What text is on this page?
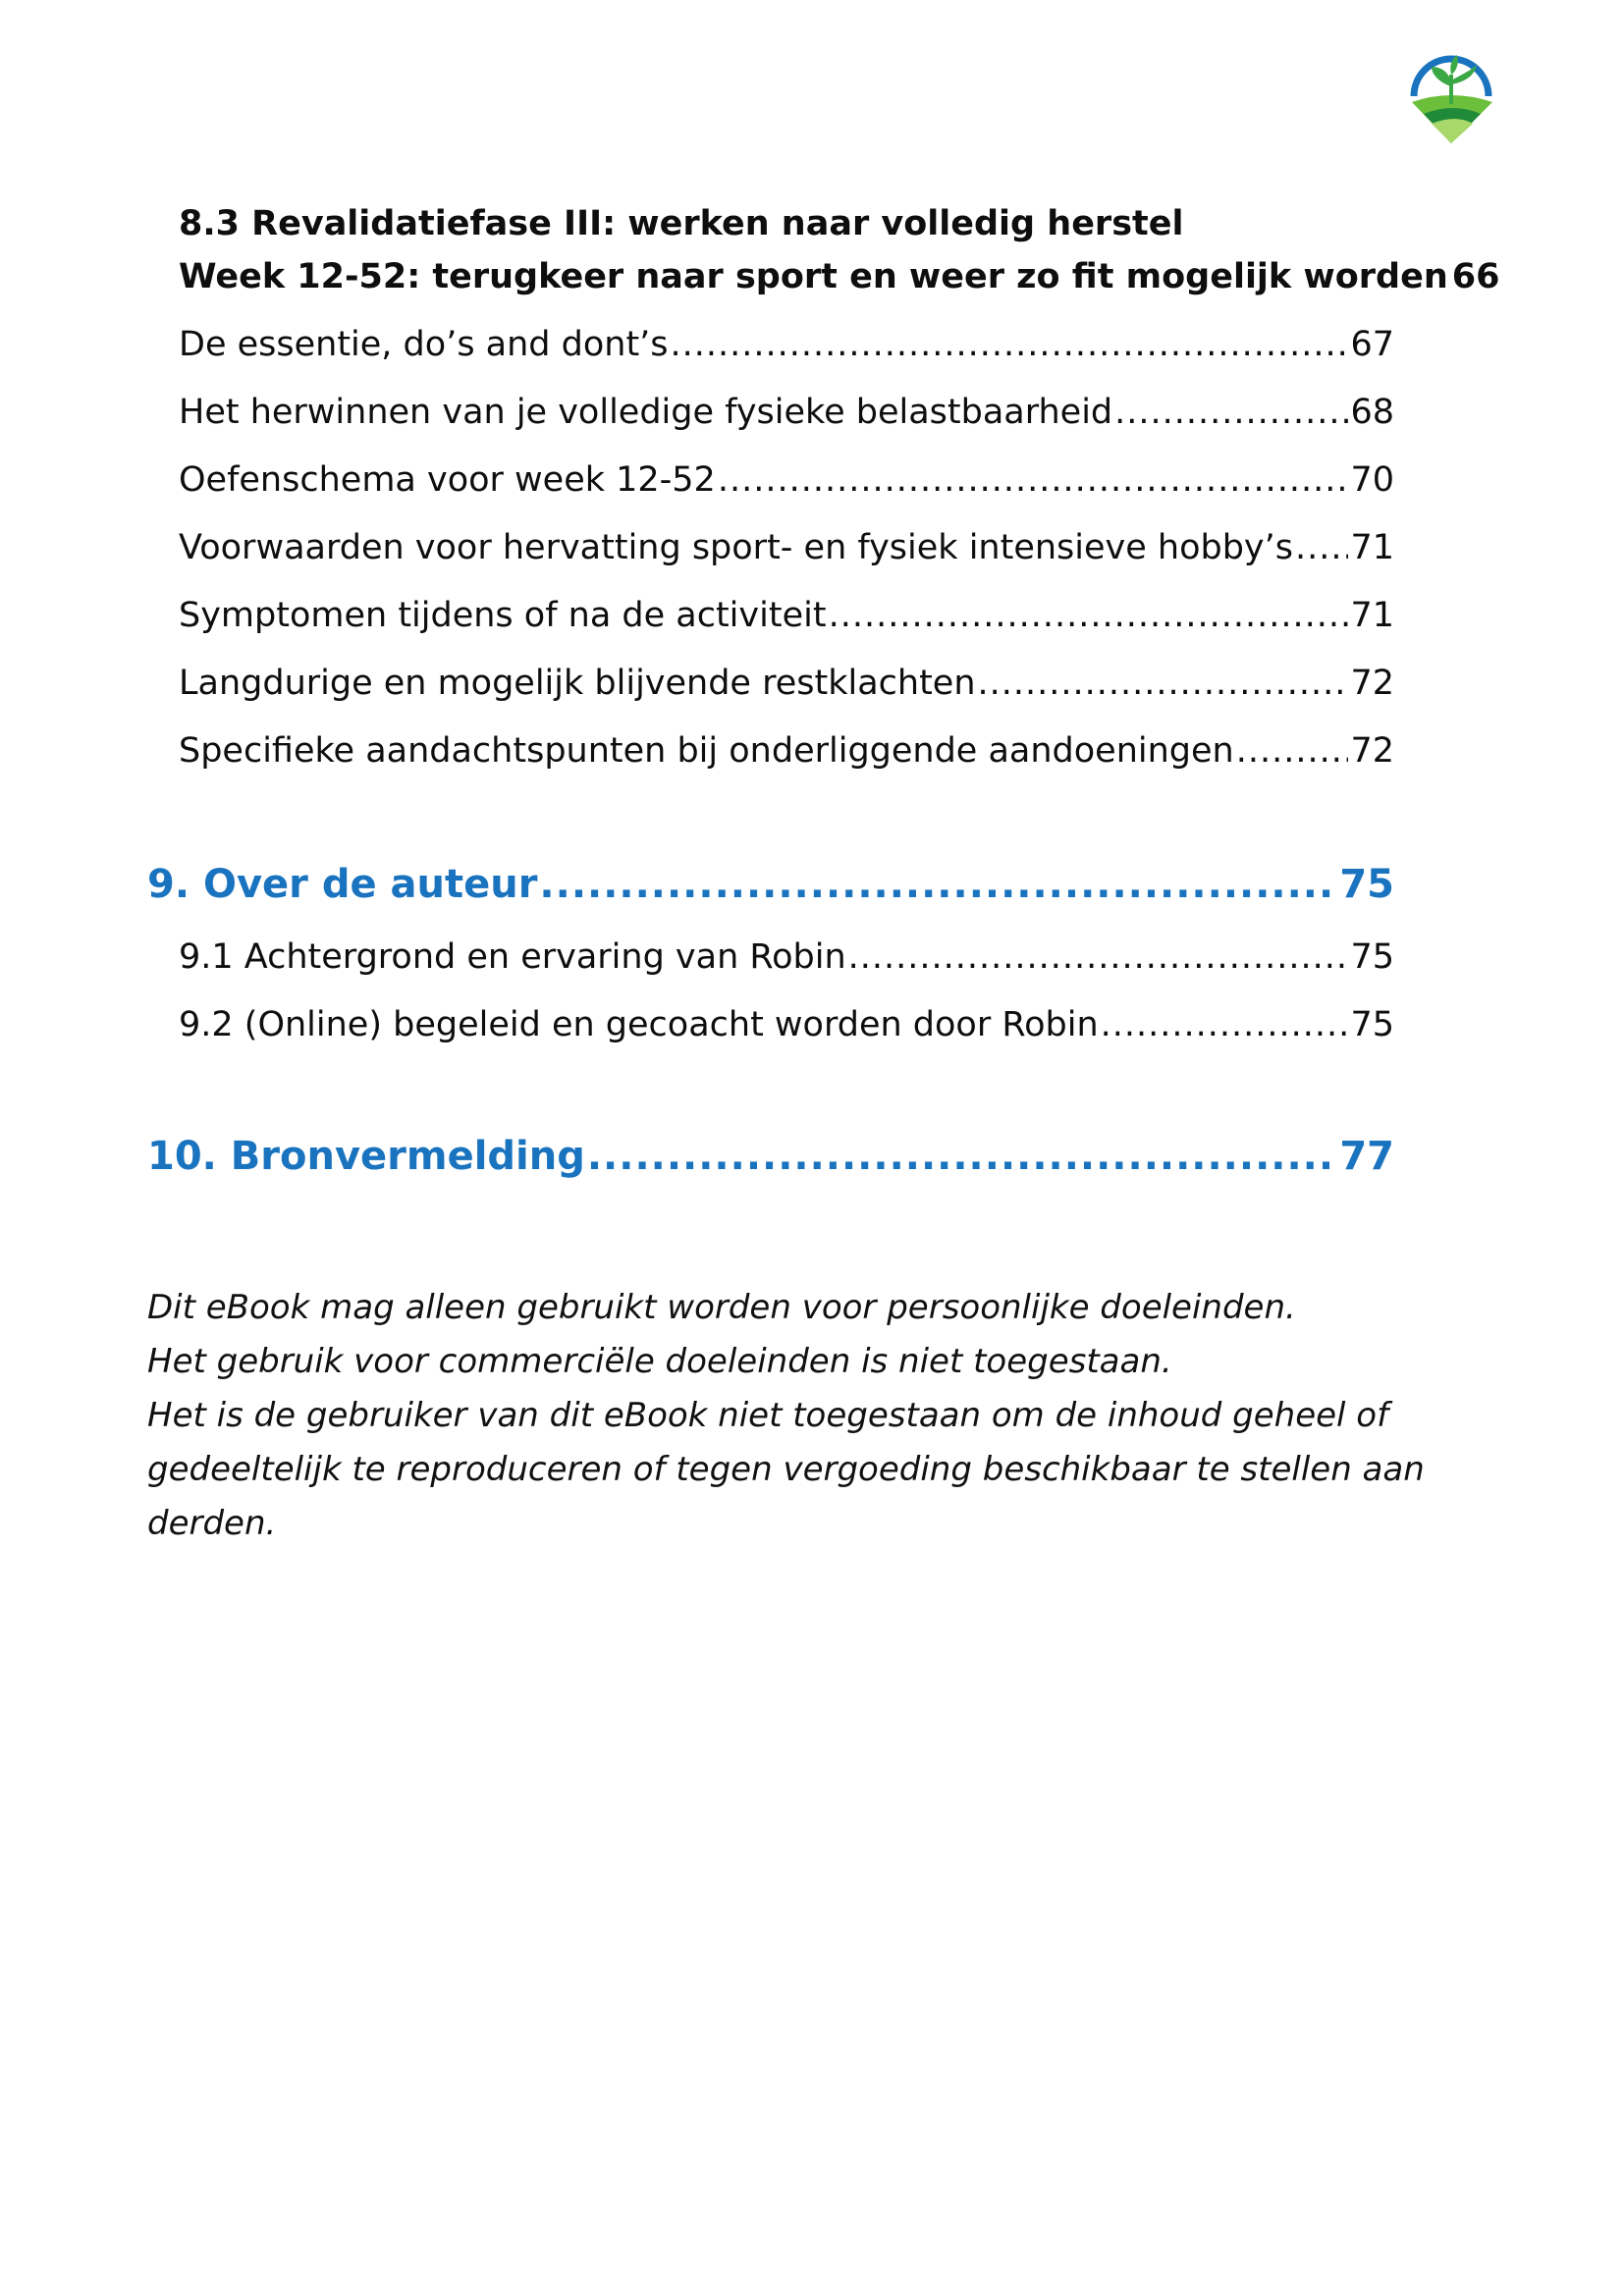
8.3 Revalidatiefase III: werken naar volledig herstel
Week 12-52: terugkeer naar sport en weer zo fit mogelijk worden 66
De essentie, do’s and dont’s .....	67
Het herwinnen van je volledige fysieke belastbaarheid .....	68
Oefenschema voor week 12-52 .....	70
Voorwaarden voor hervatting sport- en fysiek intensieve hobby’s ..... 71
Symptomen tijdens of na de activiteit .....	71
Langdurige en mogelijk blijvende restklachten .....	72
Specifieke aandachtspunten bij onderliggende aandoeningen .....	72
9. Over de auteur .....	75
9.1 Achtergrond en ervaring van Robin .....	75
9.2 (Online) begeleid en gecoacht worden door Robin .....	75
10. Bronvermelding .....	77
Dit eBook mag alleen gebruikt worden voor persoonlijke doeleinden.
Het gebruik voor commerciële doeleinden is niet toegestaan.
Het is de gebruiker van dit eBook niet toegestaan om de inhoud geheel of
gedeeltelijk te reproduceren of tegen vergoeding beschikbaar te stellen aan
derden.
